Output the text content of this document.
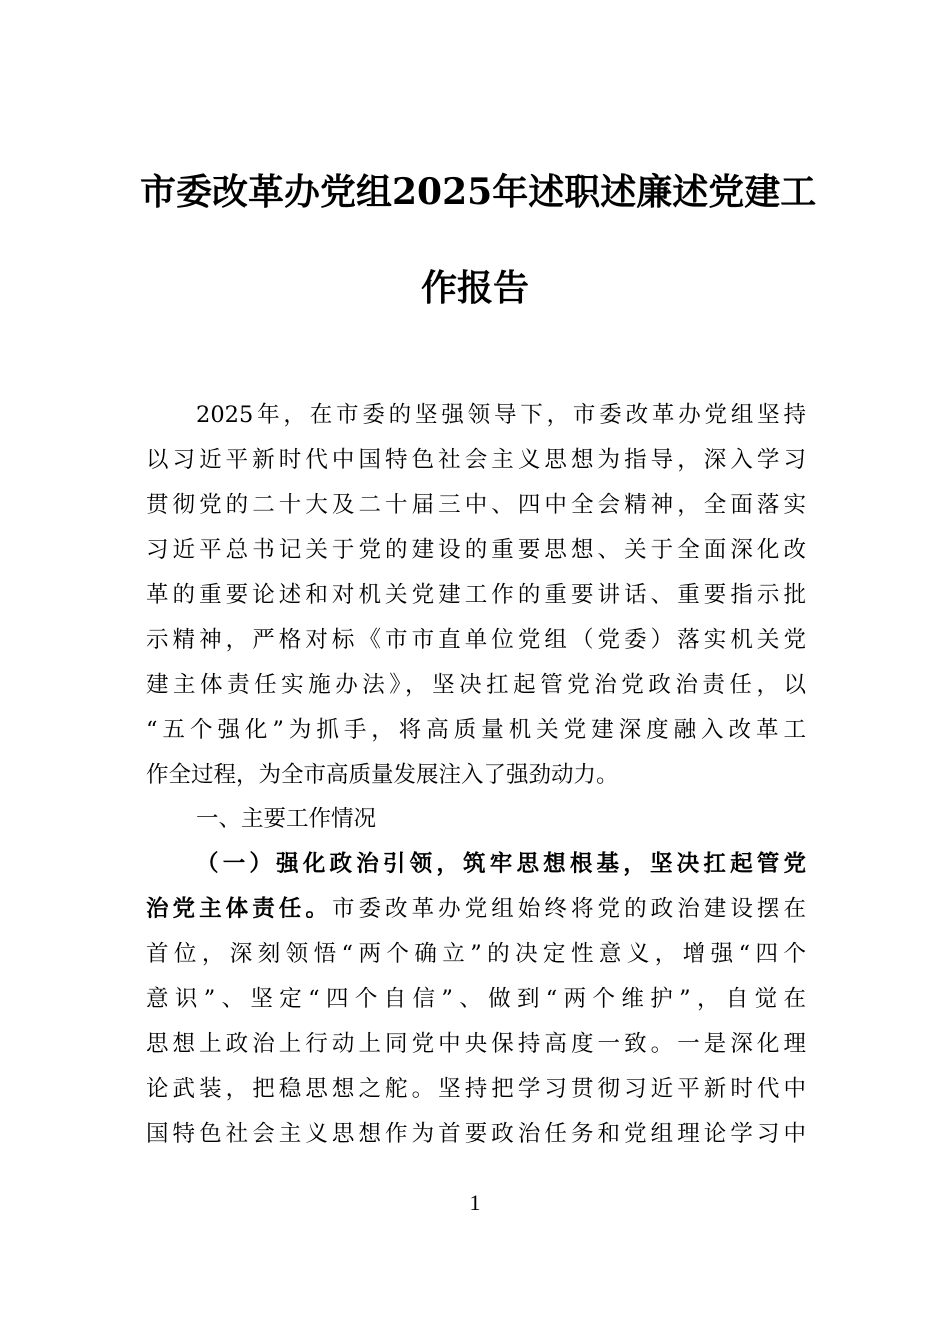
市委改革办党组2025年述职述廉述党建工
作报告
2025年，在市委的坚强领导下，市委改革办党组坚持
以习近平新时代中国特色社会主义思想为指导，深入学习
贯彻党的二十大及二十届三中、四中全会精神，全面落实
习近平总书记关于党的建设的重要思想、关于全面深化改
革的重要论述和对机关党建工作的重要讲话、重要指示批
示精神，严格对标《市市直单位党组（党委）落实机关党
建主体责任实施办法》，坚决扛起管党治党政治责任，以
“五个强化”为抓手，将高质量机关党建深度融入改革工
作全过程，为全市高质量发展注入了强劲动力。
一、主要工作情况
（一）强化政治引领，筑牢思想根基，坚决扛起管党
治党主体责任。市委改革办党组始终将党的政治建设摆在
首位，深刻领悟“两个确立”的决定性意义，增强“四个
意识”、坚定“四个自信”、做到“两个维护”，自觉在
思想上政治上行动上同党中央保持高度一致。一是深化理
论武装，把稳思想之舵。坚持把学习贯彻习近平新时代中
国特色社会主义思想作为首要政治任务和党组理论学习中
1
